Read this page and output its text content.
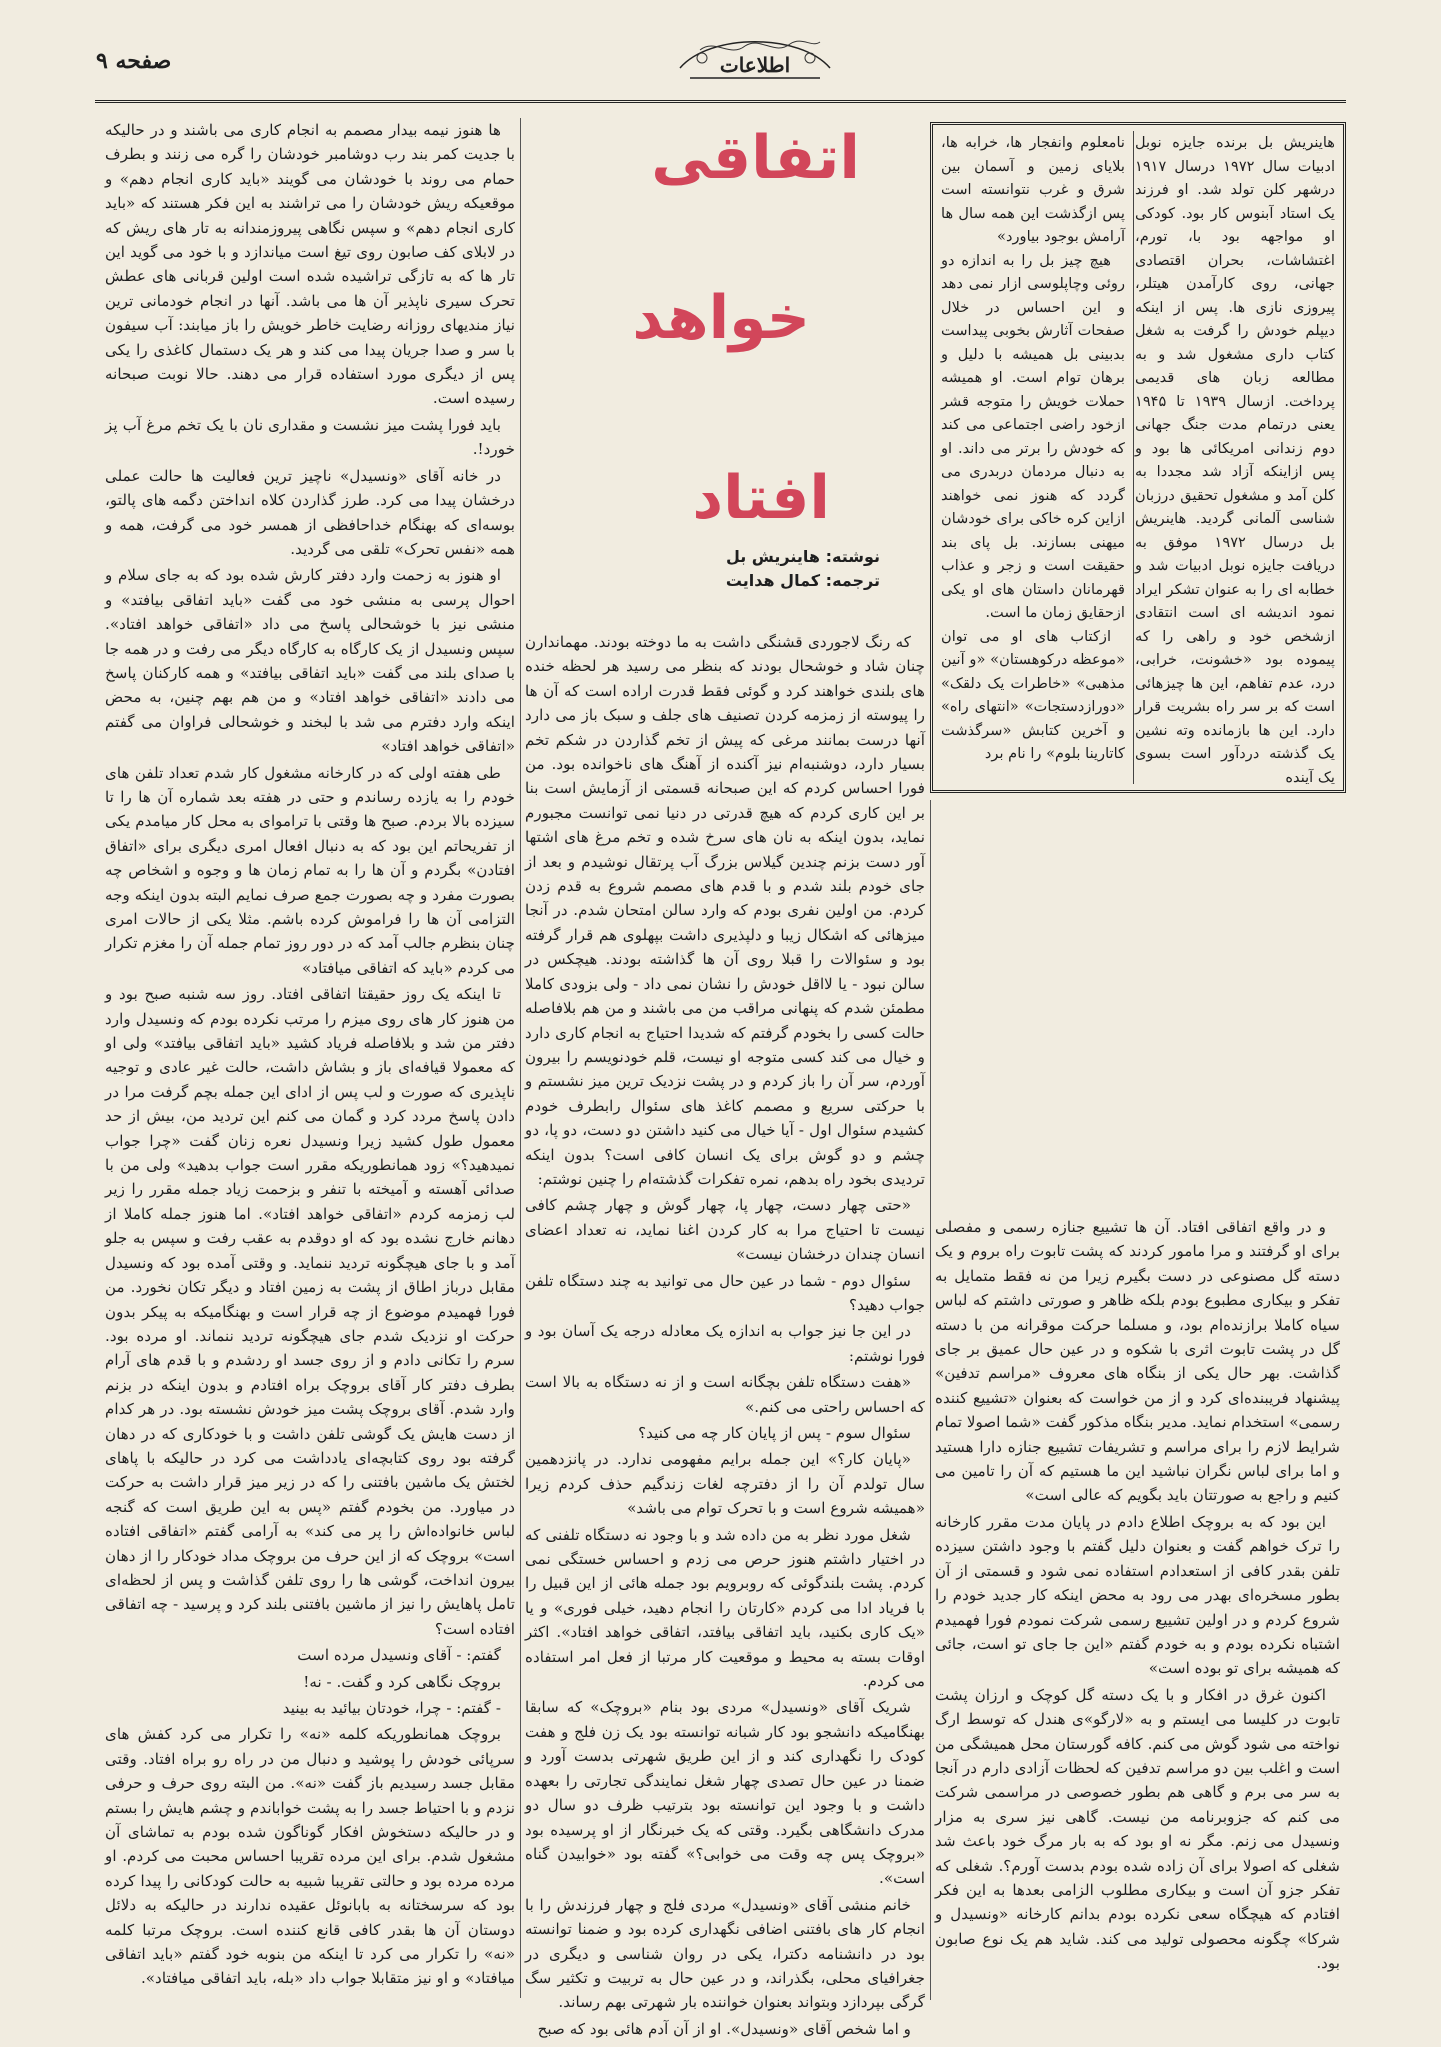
صفحه ۹	اطلاعات
اتفاقی
خواهد
افتاد
نوشته: هاینریش بل
ترجمه: کمال هدایت

هاینریش بل برنده جایزه نوبل ادبیات سال ۱۹۷۲ درسال ۱۹۱۷ درشهر کلن تولد شد. او فرزند یک استاد آبنوس کار بود. کودکی او مواجهه بود با، تورم، اغتشاشات، بحران اقتصادی جهانی، روی کارآمدن هیتلر، پیروزی نازی ها. پس از اینکه دیپلم خودش را گرفت به شغل کتاب داری مشغول شد و به مطالعه زبان های قدیمی پرداخت. ازسال ۱۹۳۹ تا ۱۹۴۵ یعنی درتمام مدت جنگ جهانی دوم زندانی امریکائی ها بود و پس ازاینکه آزاد شد مجددا به کلن آمد و مشغول تحقیق درزبان شناسی آلمانی گردید. هاینریش بل درسال ۱۹۷۲ موفق به دریافت جایزه نوبل ادبیات شد و خطابه ای را به عنوان تشکر ایراد نمود اندیشه ای است انتقادی ازشخص خود و راهی را که پیموده بود «خشونت، خرابی، درد، عدم تفاهم، این ها چیزهائی است که بر سر راه بشریت قرار دارد. این ها بازمانده وته نشین یک گذشته دردآور است بسوی یک آینده

نامعلوم وانفجار ها، خرابه ها، بلایای زمین و آسمان بین شرق و غرب نتوانسته است پس ازگذشت این همه سال ها آرامش بوجود بیاورد»

هیچ چیز بل را به اندازه دو روئی وچاپلوسی ازار نمی دهد و این احساس در خلال صفحات آثارش بخوبی پیداست بدبینی بل همیشه با دلیل و برهان توام است. او همیشه حملات خویش را متوجه قشر ازخود راضی اجتماعی می کند که خودش را برتر می داند. او به دنبال مردمان دربدری می گردد که هنوز نمی خواهند ازاین کره خاکی برای خودشان میهنی بسازند. بل پای بند حقیقت است و زجر و عذاب قهرمانان داستان های او یکی ازحقایق زمان ما است.

ازکتاب های او می توان «موعظه درکوهستان» «و آنین مذهبی» «خاطرات یک دلقک» «دورازدستجات» «انتهای راه» و آخرین کتابش «سرگذشت کاتارینا بلوم» را نام برد

و در واقع اتفاقی افتاد. آن ها تشییع جنازه رسمی و مفصلی برای او گرفتند و مرا مامور کردند که پشت تابوت راه بروم و یک دسته گل مصنوعی در دست بگیرم زیرا من نه فقط متمایل به تفکر و بیکاری مطبوع بودم بلکه ظاهر و صورتی داشتم که لباس سیاه کاملا برازنده‌ام بود، و مسلما حرکت موقرانه من با دسته گل در پشت تابوت اثری با شکوه و در عین حال عمیق بر جای گذاشت. بهر حال یکی از بنگاه های معروف «مراسم تدفین» پیشنهاد فریبنده‌ای کرد و از من خواست که بعنوان «تشییع کننده رسمی» استخدام نماید. مدیر بنگاه مذکور گفت «شما اصولا تمام شرایط لازم را برای مراسم و تشریفات تشییع جنازه دارا هستید و اما برای لباس نگران نباشید این ما هستیم که آن را تامین می کنیم و راجع به صورتتان باید بگویم که عالی است»

این بود که به بروچک اطلاع دادم در پایان مدت مقرر کارخانه را ترک خواهم گفت و بعنوان دلیل گفتم با وجود داشتن سیزده تلفن بقدر کافی از استعدادم استفاده نمی شود و قسمتی از آن بطور مسخره‌ای بهدر می رود به محض اینکه کار جدید خودم را شروع کردم و در اولین تشییع رسمی شرکت نمودم فورا فهمیدم اشتباه نکرده بودم و به خودم گفتم «این جا جای تو است، جائی که همیشه برای تو بوده است»

اکنون غرق در افکار و با یک دسته گل کوچک و ارزان پشت تابوت در کلیسا می ایستم و به «لارگو»ی هندل که توسط ارگ نواخته می شود گوش می کنم. کافه گورستان محل همیشگی من است و اغلب بین دو مراسم تدفین که لحظات آزادی دارم در آنجا به سر می برم و گاهی هم بطور خصوصی در مراسمی شرکت می کنم که جزوبرنامه من نیست. گاهی نیز سری به مزار ونسیدل می زنم. مگر نه او بود که به بار مرگ خود باعث شد شغلی که اصولا برای آن زاده شده بودم بدست آورم؟. شغلی که تفکر جزو آن است و بیکاری مطلوب الزامی بعدها به این فکر افتادم که هیچگاه سعی نکرده بودم بدانم کارخانه «ونسیدل و شرکا» چگونه محصولی تولید می کند. شاید هم یک نوع صابون بود.

که رنگ لاجوردی قشنگی داشت به ما دوخته بودند. مهماندارن چنان شاد و خوشحال بودند که بنظر می رسید هر لحظه خنده های بلندی خواهند کرد و گوئی فقط قدرت اراده است که آن ها را پیوسته از زمزمه کردن تصنیف های جلف و سبک باز می دارد آنها درست بمانند مرغی که پیش از تخم گذاردن در شکم تخم بسیار دارد، دوشنبه‌ام نیز آکنده از آهنگ های ناخوانده بود. من فورا احساس کردم که این صبحانه قسمتی از آزمایش است بنا بر این کاری کردم که هیچ قدرتی در دنیا نمی توانست مجبورم نماید، بدون اینکه به نان های سرخ شده و تخم مرغ های اشتها آور دست بزنم چندین گیلاس بزرگ آب پرتقال نوشیدم و بعد از جای خودم بلند شدم و با قدم های مصمم شروع به قدم زدن کردم. من اولین نفری بودم که وارد سالن امتحان شدم. در آنجا میزهائی که اشکال زیبا و دلپذیری داشت بپهلوی هم قرار گرفته بود و سئوالات را قبلا روی آن ها گذاشته بودند. هیچکس در سالن نبود - یا لااقل خودش را نشان نمی داد - ولی بزودی کاملا مطمئن شدم که پنهانی مراقب من می باشند و من هم بلافاصله حالت کسی را بخودم گرفتم که شدیدا احتیاج به انجام کاری دارد و خیال می کند کسی متوجه او نیست، قلم خودنویسم را بیرون آوردم، سر آن را باز کردم و در پشت نزدیک ترین میز نشستم و با حرکتی سریع و مصمم کاغذ های سئوال رابطرف خودم کشیدم سئوال اول - آیا خیال می کنید داشتن دو دست، دو پا، دو چشم و دو گوش برای یک انسان کافی است؟ بدون اینکه تردیدی بخود راه بدهم، نمره تفکرات گذشته‌ام را چنین نوشتم:

«حتی چهار دست، چهار پا، چهار گوش و چهار چشم کافی نیست تا احتیاج مرا به کار کردن اغنا نماید، نه تعداد اعضای انسان چندان درخشان نیست»

سئوال دوم - شما در عین حال می توانید به چند دستگاه تلفن جواب دهید؟

در این جا نیز جواب به اندازه یک معادله درجه یک آسان بود و فورا نوشتم:

«هفت دستگاه تلفن بچگانه است و از نه دستگاه به بالا است که احساس راحتی می کنم.»

سئوال سوم - پس از پایان کار چه می کنید؟

«پایان کار؟» این جمله برایم مفهومی ندارد. در پانزدهمین سال تولدم آن را از دفترچه لغات زندگیم حذف کردم زیرا «همیشه شروع است و با تحرک توام می باشد»

شغل مورد نظر به من داده شد و با وجود نه دستگاه تلفنی که در اختیار داشتم هنوز حرص می زدم و احساس خستگی نمی کردم. پشت بلندگوئی که روبرویم بود جمله هائی از این قبیل را با فریاد ادا می کردم «کارتان را انجام دهید، خیلی فوری» و یا «یک کاری بکنید، باید اتفاقی بیافتد، اتفاقی خواهد افتاد». اکثر اوقات بسته به محیط و موقعیت کار مرتبا از فعل امر استفاده می کردم.

شریک آقای «ونسیدل» مردی بود بنام «بروچک» که سابقا بهنگامیکه دانشجو بود کار شبانه توانسته بود یک زن فلج و هفت کودک را نگهداری کند و از این طریق شهرتی بدست آورد و ضمنا در عین حال تصدی چهار شغل نمایندگی تجارتی را بعهده داشت و با وجود این توانسته بود بترتیب ظرف دو سال دو مدرک دانشگاهی بگیرد. وقتی که یک خبرنگار از او پرسیده بود «بروچک پس چه وقت می خوابی؟» گفته بود «خوابیدن گناه است».

خانم منشی آقای «ونسیدل» مردی فلج و چهار فرزندش را با انجام کار های بافتنی اضافی نگهداری کرده بود و ضمنا توانسته بود در دانشنامه دکترا، یکی در روان شناسی و دیگری در جغرافیای محلی، بگذراند، و در عین حال به تربیت و تکثیر سگ گرگی بپردازد وبتواند بعنوان خواننده بار شهرتی بهم رساند.

و اما شخص آقای «ونسیدل». او از آن آدم هائی بود که صبح

ها هنوز نیمه بیدار مصمم به انجام کاری می باشند و در حالیکه با جدیت کمر بند رب دوشامبر خودشان را گره می زنند و بطرف حمام می روند با خودشان می گویند «باید کاری انجام دهم» و موقعیکه ریش خودشان را می تراشند به این فکر هستند که «باید کاری انجام دهم» و سپس نگاهی پیروزمندانه به تار های ریش که در لابلای کف صابون روی تیغ است میاندازد و با خود می گوید این تار ها که به تازگی تراشیده شده است اولین قربانی های عطش تحرک سیری ناپذیر آن ها می باشد. آنها در انجام خودمانی ترین نیاز مندیهای روزانه رضایت خاطر خویش را باز میابند: آب سیفون با سر و صدا جریان پیدا می کند و هر یک دستمال کاغذی را یکی پس از دیگری مورد استفاده قرار می دهند. حالا نوبت صبحانه رسیده است.

باید فورا پشت میز نشست و مقداری نان با یک تخم مرغ آب پز خورد!.

در خانه آقای «ونسیدل» ناچیز ترین فعالیت ها حالت عملی درخشان پیدا می کرد. طرز گذاردن کلاه انداختن دگمه های پالتو، بوسه‌ای که بهنگام خداحافظی از همسر خود می گرفت، همه و همه «نفس تحرک» تلقی می گردید.

او هنوز به زحمت وارد دفتر کارش شده بود که به جای سلام و احوال پرسی به منشی خود می گفت «باید اتفاقی بیافتد» و منشی نیز با خوشحالی پاسخ می داد «اتفاقی خواهد افتاد». سپس ونسیدل از یک کارگاه به کارگاه دیگر می رفت و در همه جا با صدای بلند می گفت «باید اتفاقی بیافتد» و همه کارکنان پاسخ می دادند «اتفاقی خواهد افتاد» و من هم بهم چنین، به محض اینکه وارد دفترم می شد با لبخند و خوشحالی فراوان می گفتم «اتفاقی خواهد افتاد»

طی هفته اولی که در کارخانه مشغول کار شدم تعداد تلفن های خودم را به یازده رساندم و حتی در هفته بعد شماره آن ها را تا سیزده بالا بردم. صبح ها وقتی با ترامواى به محل کار میامدم یکی از تفریحاتم این بود که به دنبال افعال امری دیگری برای «اتفاق افتادن» بگردم و آن ها را به تمام زمان ها و وجوه و اشخاص چه بصورت مفرد و چه بصورت جمع صرف نمایم البته بدون اینکه وجه التزامی آن ها را فراموش کرده باشم. مثلا یکی از حالات امری چنان بنظرم جالب آمد که در دور روز تمام جمله آن را مغزم تکرار می کردم «باید که اتفاقی میافتاد»

تا اینکه یک روز حقیقتا اتفاقی افتاد. روز سه شنبه صبح بود و من هنوز کار های روی میزم را مرتب نکرده بودم که ونسیدل وارد دفتر من شد و بلافاصله فریاد کشید «باید اتفاقی بیافتد» ولی او که معمولا قیافه‌ای باز و بشاش داشت، حالت غیر عادی و توجیه ناپذیری که صورت و لب پس از ادای این جمله بچم گرفت مرا در دادن پاسخ مردد کرد و گمان می کنم این تردید من، بیش از حد معمول طول کشید زیرا ونسیدل نعره زنان گفت «چرا جواب نمیدهید؟» زود همانطوریکه مقرر است جواب بدهید» ولی من با صدائی آهسته و آمیخته با تنفر و بزحمت زیاد جمله مقرر را زیر لب زمزمه کردم «اتفاقی خواهد افتاد». اما هنوز جمله کاملا از دهانم خارج نشده بود که او دوقدم به عقب رفت و سپس به جلو آمد و با جای هیچگونه تردید ننماید. و وقتی آمده بود که ونسیدل مقابل درباز اطاق از پشت به زمین افتاد و دیگر تکان نخورد. من فورا فهمیدم موضوع از چه قرار است و بهنگامیکه به پیکر بدون حرکت او نزدیک شدم جای هیچگونه تردید ننماند. او مرده بود. سرم را تکانی دادم و از روی جسد او ردشدم و با قدم های آرام بطرف دفتر کار آقای بروچک براه افتادم و بدون اینکه در بزنم وارد شدم. آقای بروچک پشت میز خودش نشسته بود. در هر کدام از دست هایش یک گوشی تلفن داشت و با خودکاری که در دهان گرفته بود روی کتابچه‌ای یادداشت می کرد در حالیکه با پاهای لختش یک ماشین بافتنی را که در زیر میز قرار داشت به حرکت در میاورد. من بخودم گفتم «پس به این طریق است که گنجه لباس خانواده‌اش را پر می کند» به آرامی گفتم «اتفاقی افتاده است» بروچک که از این حرف من بروچک مداد خودکار را از دهان بیرون انداخت، گوشی ها را روی تلفن گذاشت و پس از لحظه‌ای تامل پاهایش را نیز از ماشین بافتنی بلند کرد و پرسید - چه اتفاقی افتاده است؟

گفتم: - آقای ونسیدل مرده است

بروچک نگاهی کرد و گفت. - نه!

- گفتم: - چرا، خودتان بیائید به بینید

بروچک همانطوریکه کلمه «نه» را تکرار می کرد کفش های سرپائی خودش را پوشید و دنبال من در راه رو براه افتاد. وقتی مقابل جسد رسیدیم باز گفت «نه». من البته روی حرف و حرفی نزدم و با احتیاط جسد را به پشت خواباندم و چشم هایش را بستم و در حالیکه دستخوش افکار گوناگون شده بودم به تماشای آن مشغول شدم. برای این مرده تقریبا احساس محبت می کردم. او مرده مرده بود و حالتی تقریبا شبیه به حالت کودکانی را پیدا کرده بود که سرسختانه به بابانوئل عقیده ندارند در حالیکه به دلائل دوستان آن ها بقدر کافی قانع کننده است. بروچک مرتبا کلمه «نه» را تکرار می کرد تا اینکه من بنوبه خود گفتم «باید اتفاقی میافتاد» و او نیز متقابلا جواب داد «بله، باید اتفاقی میافتاد».
